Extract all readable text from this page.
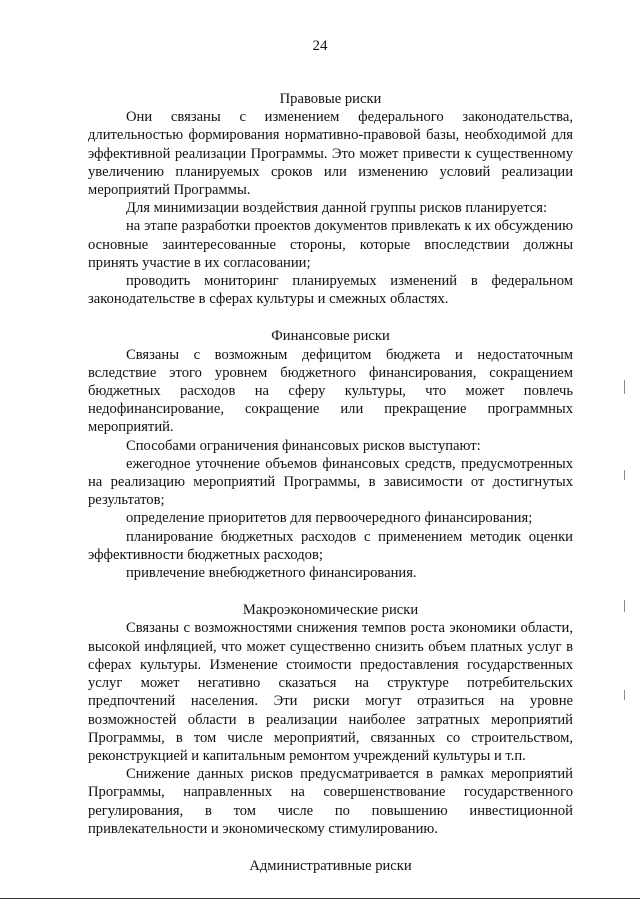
24

Правовые риски

Они связаны с изменением федерального законодательства, длительностью формирования нормативно-правовой базы, необходимой для эффективной реализации Программы. Это может привести к существенному увеличению планируемых сроков или изменению условий реализации мероприятий Программы.

Для минимизации воздействия данной группы рисков планируется:

на этапе разработки проектов документов привлекать к их обсуждению основные заинтересованные стороны, которые впоследствии должны принять участие в их согласовании;

проводить мониторинг планируемых изменений в федеральном законодательстве в сферах культуры и смежных областях.

Финансовые риски

Связаны с возможным дефицитом бюджета и недостаточным вследствие этого уровнем бюджетного финансирования, сокращением бюджетных расходов на сферу культуры, что может повлечь недофинансирование, сокращение или прекращение программных мероприятий.

Способами ограничения финансовых рисков выступают:

ежегодное уточнение объемов финансовых средств, предусмотренных на реализацию мероприятий Программы, в зависимости от достигнутых результатов;

определение приоритетов для первоочередного финансирования;

планирование бюджетных расходов с применением методик оценки эффективности бюджетных расходов;

привлечение внебюджетного финансирования.

Макроэкономические риски

Связаны с возможностями снижения темпов роста экономики области, высокой инфляцией, что может существенно снизить объем платных услуг в сферах культуры. Изменение стоимости предоставления государственных услуг может негативно сказаться на структуре потребительских предпочтений населения. Эти риски могут отразиться на уровне возможностей области в реализации наиболее затратных мероприятий Программы, в том числе мероприятий, связанных со строительством, реконструкцией и капитальным ремонтом учреждений культуры и т.п.

Снижение данных рисков предусматривается в рамках мероприятий Программы, направленных на совершенствование государственного регулирования, в том числе по повышению инвестиционной привлекательности и экономическому стимулированию.

Административные риски
